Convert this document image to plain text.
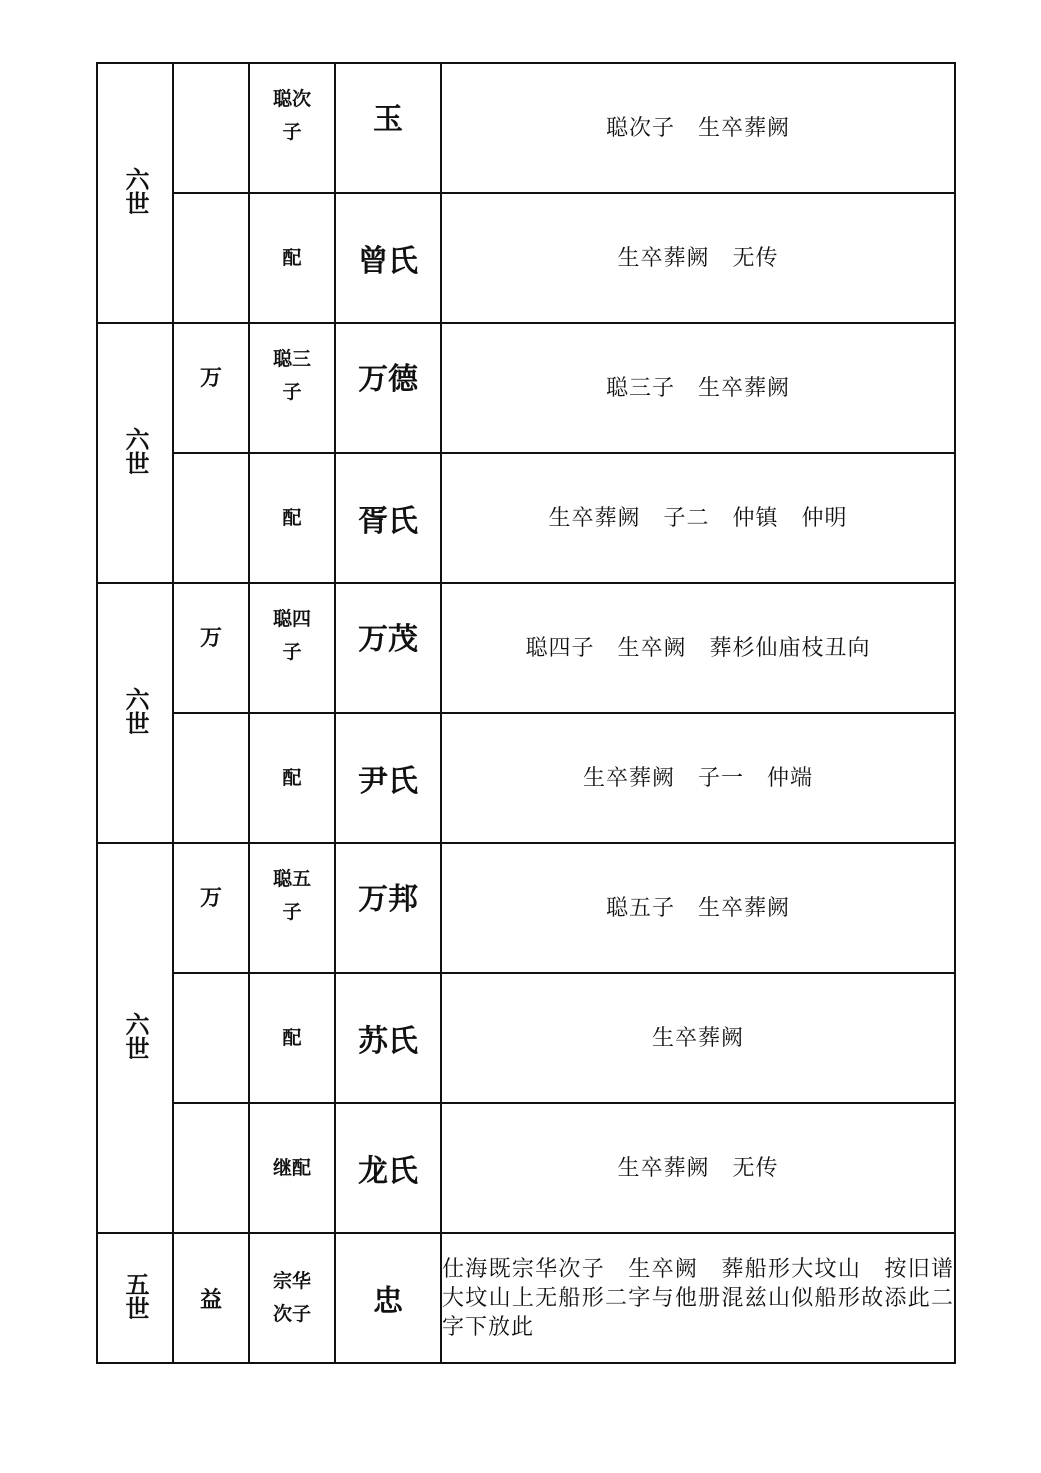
六世		聪次子	玉	聪次子　生卒葬阙

		配	曾氏	生卒葬阙　无传

六世	万	聪三子	万德	聪三子　生卒葬阙

		配	胥氏	生卒葬阙　子二　仲镇　仲明

六世	万	聪四子	万茂	聪四子　生卒阙　葬杉仙庙枝丑向

		配	尹氏	生卒葬阙　子一　仲端

六世	万	聪五子	万邦	聪五子　生卒葬阙

		配	苏氏	生卒葬阙

		继配	龙氏	生卒葬阙　无传

五世	益	宗华次子	忠	仕海既宗华次子　生卒阙　葬船形大坟山　按旧谱大坟山上无船形二字与他册混兹山似船形故添此二字下放此
